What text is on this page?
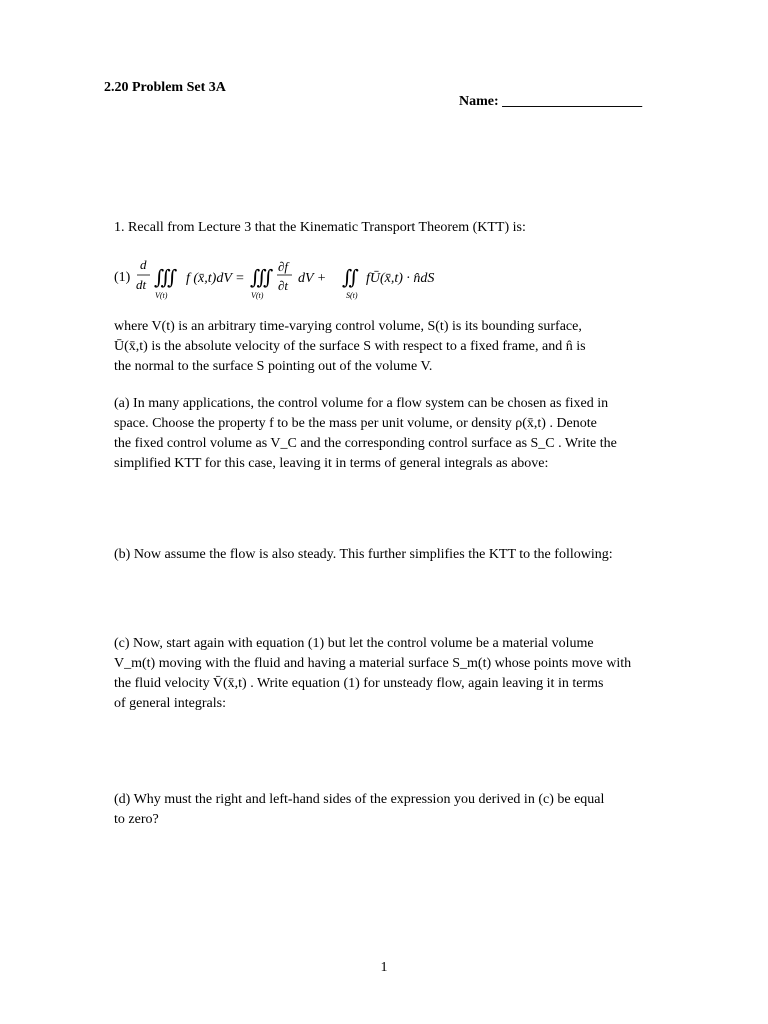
2.20 Problem Set 3A
Name: ____________________
1. Recall from Lecture 3 that the Kinematic Transport Theorem (KTT) is:
(1)
d
dt ∭ f (x̄,t)dV =
V(t)
∭
∂f
∂t dV +
V(t)
∬ fŪ(x̄,t) · n̂dS
S(t)
where V(t) is an arbitrary time-varying control volume, S(t) is its bounding surface,
Ū(x̄,t) is the absolute velocity of the surface S with respect to a fixed frame, and n̂ is
the normal to the surface S pointing out of the volume V.
(a) In many applications, the control volume for a flow system can be chosen as fixed in
space. Choose the property f to be the mass per unit volume, or density ρ(x̄,t) . Denote
the fixed control volume as V_C and the corresponding control surface as S_C . Write the
simplified KTT for this case, leaving it in terms of general integrals as above:
(b) Now assume the flow is also steady. This further simplifies the KTT to the following:
(c) Now, start again with equation (1) but let the control volume be a material volume
V_m(t) moving with the fluid and having a material surface S_m(t) whose points move with
the fluid velocity V̄(x̄,t) . Write equation (1) for unsteady flow, again leaving it in terms
of general integrals:
(d) Why must the right and left-hand sides of the expression you derived in (c) be equal
to zero?
1
